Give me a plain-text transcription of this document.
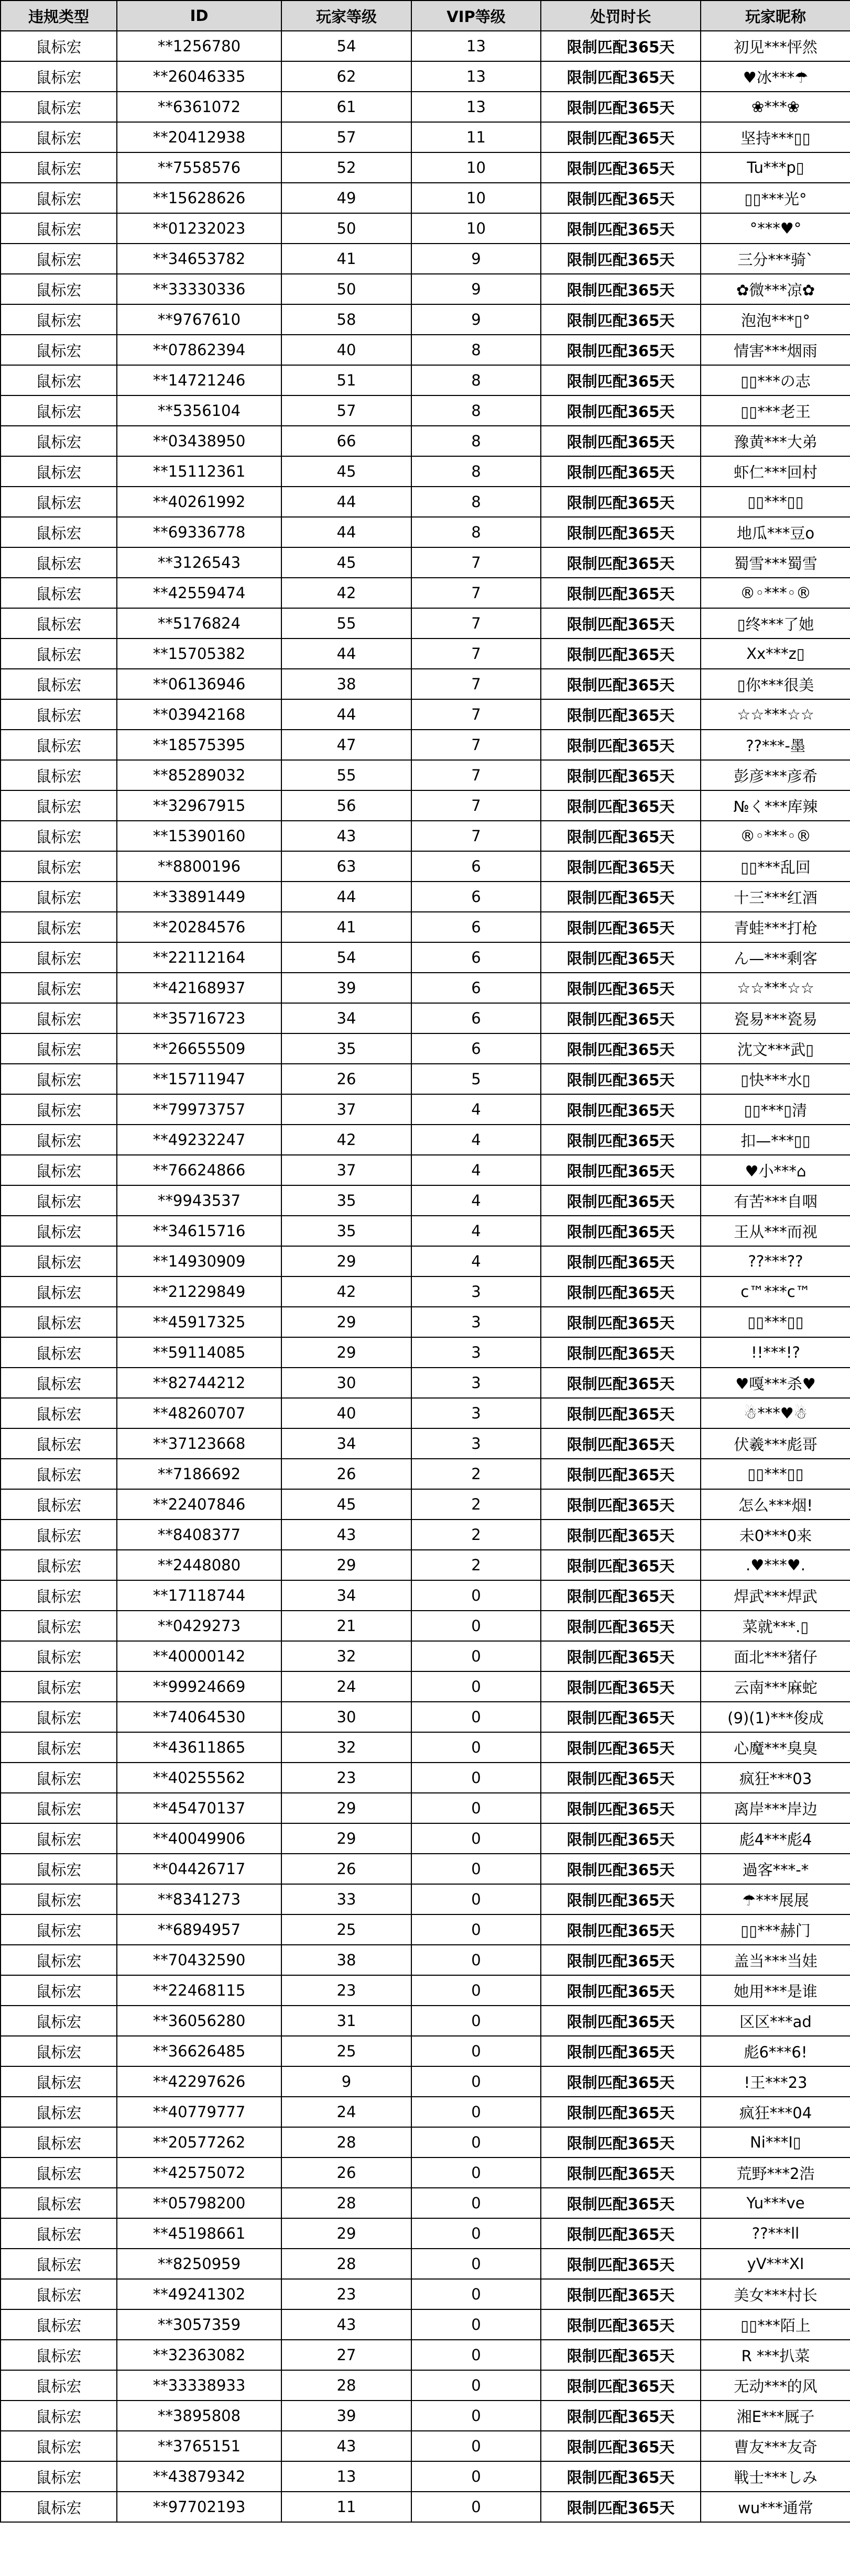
违规类型	ID	玩家等级	VIP等级	处罚时长	玩家昵称
鼠标宏	**1256780	54	13	限制匹配365天	初见***怦然
鼠标宏	**26046335	62	13	限制匹配365天	♥冰***☂
鼠标宏	**6361072	61	13	限制匹配365天	❀***❀
鼠标宏	**20412938	57	11	限制匹配365天	坚持***▯▯
鼠标宏	**7558576	52	10	限制匹配365天	Tu***p▯
鼠标宏	**15628626	49	10	限制匹配365天	▯▯***光°
鼠标宏	**01232023	50	10	限制匹配365天	°***♥°
鼠标宏	**34653782	41	9	限制匹配365天	三分***骑`
鼠标宏	**33330336	50	9	限制匹配365天	✿微***凉✿
鼠标宏	**9767610	58	9	限制匹配365天	泡泡***▯°
鼠标宏	**07862394	40	8	限制匹配365天	情害***烟雨
鼠标宏	**14721246	51	8	限制匹配365天	▯▯***の志
鼠标宏	**5356104	57	8	限制匹配365天	▯▯***老王
鼠标宏	**03438950	66	8	限制匹配365天	豫黄***大弟
鼠标宏	**15112361	45	8	限制匹配365天	虾仁***回村
鼠标宏	**40261992	44	8	限制匹配365天	▯▯***▯▯
鼠标宏	**69336778	44	8	限制匹配365天	地瓜***豆o
鼠标宏	**3126543	45	7	限制匹配365天	蜀雪***蜀雪
鼠标宏	**42559474	42	7	限制匹配365天	®◦***◦®
鼠标宏	**5176824	55	7	限制匹配365天	▯终***了她
鼠标宏	**15705382	44	7	限制匹配365天	Xx***z▯
鼠标宏	**06136946	38	7	限制匹配365天	▯你***很美
鼠标宏	**03942168	44	7	限制匹配365天	☆☆***☆☆
鼠标宏	**18575395	47	7	限制匹配365天	??***-墨
鼠标宏	**85289032	55	7	限制匹配365天	彭彦***彦希
鼠标宏	**32967915	56	7	限制匹配365天	№く***库辣
鼠标宏	**15390160	43	7	限制匹配365天	®◦***◦®
鼠标宏	**8800196	63	6	限制匹配365天	▯▯***乱回
鼠标宏	**33891449	44	6	限制匹配365天	十三***红酒
鼠标宏	**20284576	41	6	限制匹配365天	青蛙***打枪
鼠标宏	**22112164	54	6	限制匹配365天	ん—***剩客
鼠标宏	**42168937	39	6	限制匹配365天	☆☆***☆☆
鼠标宏	**35716723	34	6	限制匹配365天	瓷易***瓷易
鼠标宏	**26655509	35	6	限制匹配365天	沈文***武▯
鼠标宏	**15711947	26	5	限制匹配365天	▯快***水▯
鼠标宏	**79973757	37	4	限制匹配365天	▯▯***▯清
鼠标宏	**49232247	42	4	限制匹配365天	扣—***▯▯
鼠标宏	**76624866	37	4	限制匹配365天	♥小***⌂
鼠标宏	**9943537	35	4	限制匹配365天	有苦***自咽
鼠标宏	**34615716	35	4	限制匹配365天	王从***而视
鼠标宏	**14930909	29	4	限制匹配365天	??***??
鼠标宏	**21229849	42	3	限制匹配365天	c™***c™
鼠标宏	**45917325	29	3	限制匹配365天	▯▯***▯▯
鼠标宏	**59114085	29	3	限制匹配365天	!!***!?
鼠标宏	**82744212	30	3	限制匹配365天	♥嘎***杀♥
鼠标宏	**48260707	40	3	限制匹配365天	☃***♥☃
鼠标宏	**37123668	34	3	限制匹配365天	伏羲***彪哥
鼠标宏	**7186692	26	2	限制匹配365天	▯▯***▯▯
鼠标宏	**22407846	45	2	限制匹配365天	怎么***烟!
鼠标宏	**8408377	43	2	限制匹配365天	未0***0来
鼠标宏	**2448080	29	2	限制匹配365天	.♥***♥.
鼠标宏	**17118744	34	0	限制匹配365天	焊武***焊武
鼠标宏	**0429273	21	0	限制匹配365天	菜就***.▯
鼠标宏	**40000142	32	0	限制匹配365天	面北***猪仔
鼠标宏	**99924669	24	0	限制匹配365天	云南***麻蛇
鼠标宏	**74064530	30	0	限制匹配365天	(9)(1)***俊成
鼠标宏	**43611865	32	0	限制匹配365天	心魔***臭臭
鼠标宏	**40255562	23	0	限制匹配365天	疯狂***03
鼠标宏	**45470137	29	0	限制匹配365天	离岸***岸边
鼠标宏	**40049906	29	0	限制匹配365天	彪4***彪4
鼠标宏	**04426717	26	0	限制匹配365天	過客***-*
鼠标宏	**8341273	33	0	限制匹配365天	☂***展展
鼠标宏	**6894957	25	0	限制匹配365天	▯▯***赫门
鼠标宏	**70432590	38	0	限制匹配365天	盖当***当娃
鼠标宏	**22468115	23	0	限制匹配365天	她用***是谁
鼠标宏	**36056280	31	0	限制匹配365天	区区***ad
鼠标宏	**36626485	25	0	限制匹配365天	彪6***6!
鼠标宏	**42297626	9	0	限制匹配365天	!王***23
鼠标宏	**40779777	24	0	限制匹配365天	疯狂***04
鼠标宏	**20577262	28	0	限制匹配365天	Ni***I▯
鼠标宏	**42575072	26	0	限制匹配365天	荒野***2浩
鼠标宏	**05798200	28	0	限制匹配365天	Yu***ve
鼠标宏	**45198661	29	0	限制匹配365天	??***ll
鼠标宏	**8250959	28	0	限制匹配365天	yV***XI
鼠标宏	**49241302	23	0	限制匹配365天	美女***村长
鼠标宏	**3057359	43	0	限制匹配365天	▯▯***陌上
鼠标宏	**32363082	27	0	限制匹配365天	R ***扒菜
鼠标宏	**33338933	28	0	限制匹配365天	无动***的风
鼠标宏	**3895808	39	0	限制匹配365天	湘E***厩子
鼠标宏	**3765151	43	0	限制匹配365天	曹友***友奇
鼠标宏	**43879342	13	0	限制匹配365天	戦士***しみ
鼠标宏	**97702193	11	0	限制匹配365天	wu***通常
